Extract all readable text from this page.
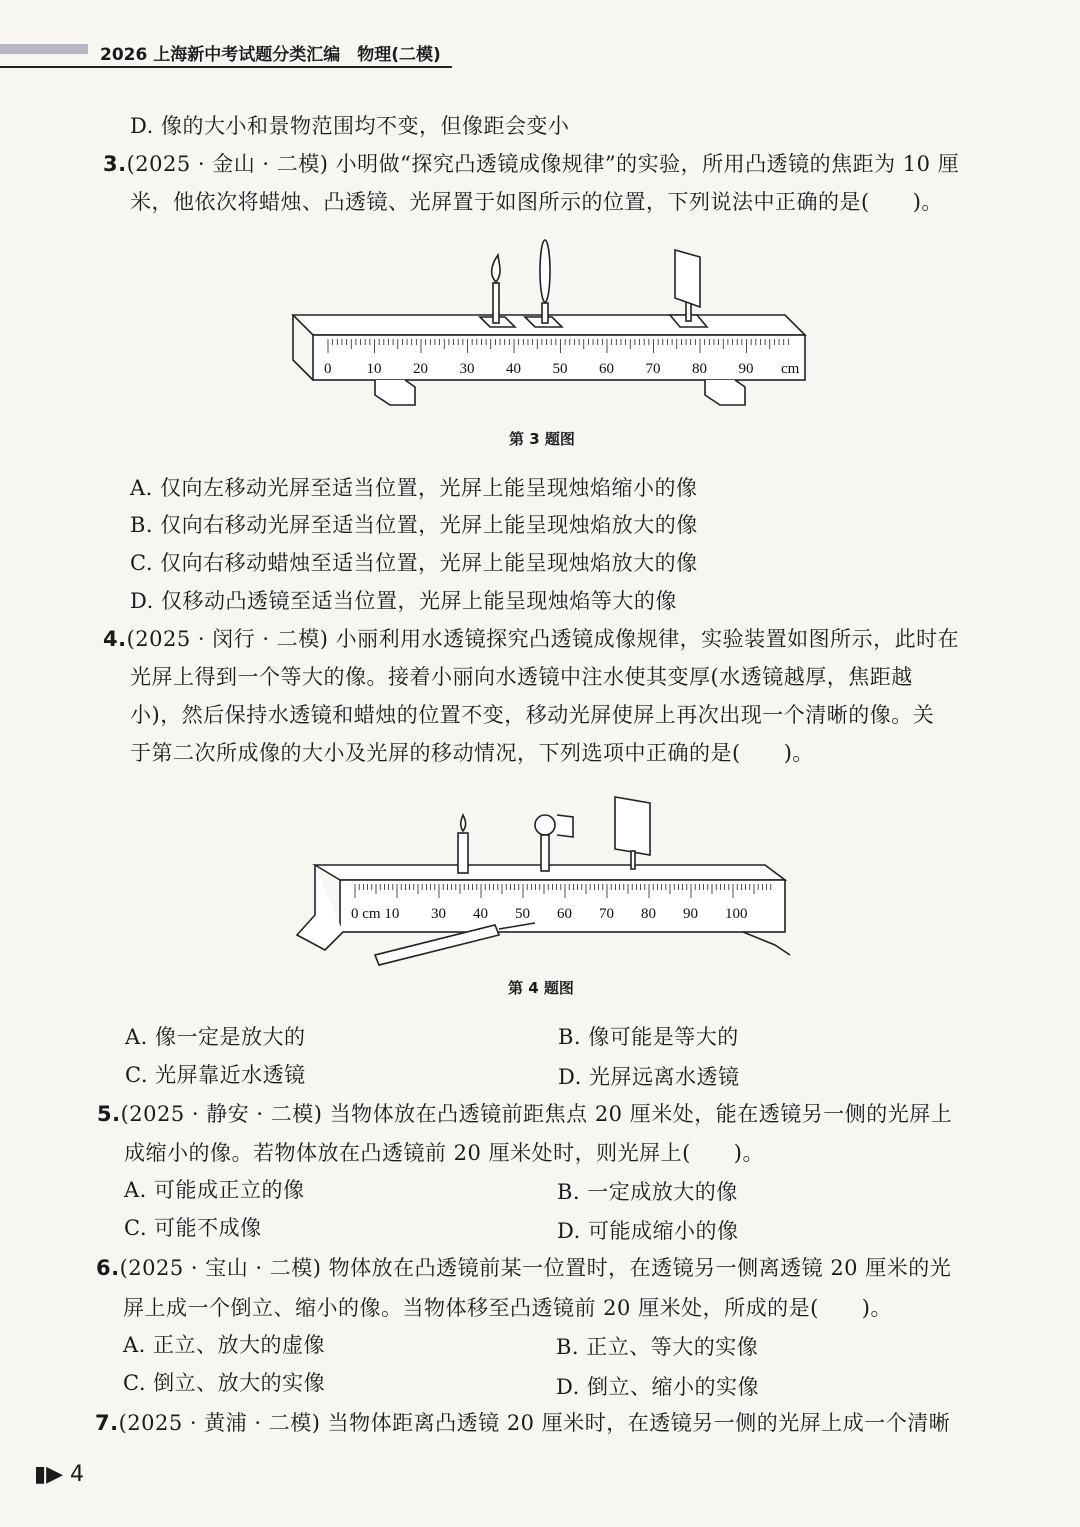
2026 上海新中考试题分类汇编　物理(二模)
D. 像的大小和景物范围均不变，但像距会变小
3.(2025 · 金山 · 二模) 小明做“探究凸透镜成像规律”的实验，所用凸透镜的焦距为 10 厘
米，他依次将蜡烛、凸透镜、光屏置于如图所示的位置，下列说法中正确的是(　　)。
0 10 20 30 40 50 60 70 80 90 cm
第 3 题图
A. 仅向左移动光屏至适当位置，光屏上能呈现烛焰缩小的像
B. 仅向右移动光屏至适当位置，光屏上能呈现烛焰放大的像
C. 仅向右移动蜡烛至适当位置，光屏上能呈现烛焰放大的像
D. 仅移动凸透镜至适当位置，光屏上能呈现烛焰等大的像
4.(2025 · 闵行 · 二模) 小丽利用水透镜探究凸透镜成像规律，实验装置如图所示，此时在
光屏上得到一个等大的像。接着小丽向水透镜中注水使其变厚(水透镜越厚，焦距越
小)，然后保持水透镜和蜡烛的位置不变，移动光屏使屏上再次出现一个清晰的像。关
于第二次所成像的大小及光屏的移动情况，下列选项中正确的是(　　)。
0 cm 10 30 40 50 60 70 80 90 100
第 4 题图
A. 像一定是放大的	B. 像可能是等大的
C. 光屏靠近水透镜	D. 光屏远离水透镜
5.(2025 · 静安 · 二模) 当物体放在凸透镜前距焦点 20 厘米处，能在透镜另一侧的光屏上
成缩小的像。若物体放在凸透镜前 20 厘米处时，则光屏上(　　)。
A. 可能成正立的像	B. 一定成放大的像
C. 可能不成像	D. 可能成缩小的像
6.(2025 · 宝山 · 二模) 物体放在凸透镜前某一位置时，在透镜另一侧离透镜 20 厘米的光
屏上成一个倒立、缩小的像。当物体移至凸透镜前 20 厘米处，所成的是(　　)。
A. 正立、放大的虚像	B. 正立、等大的实像
C. 倒立、放大的实像	D. 倒立、缩小的实像
7.(2025 · 黄浦 · 二模) 当物体距离凸透镜 20 厘米时，在透镜另一侧的光屏上成一个清晰
▮▶ 4
